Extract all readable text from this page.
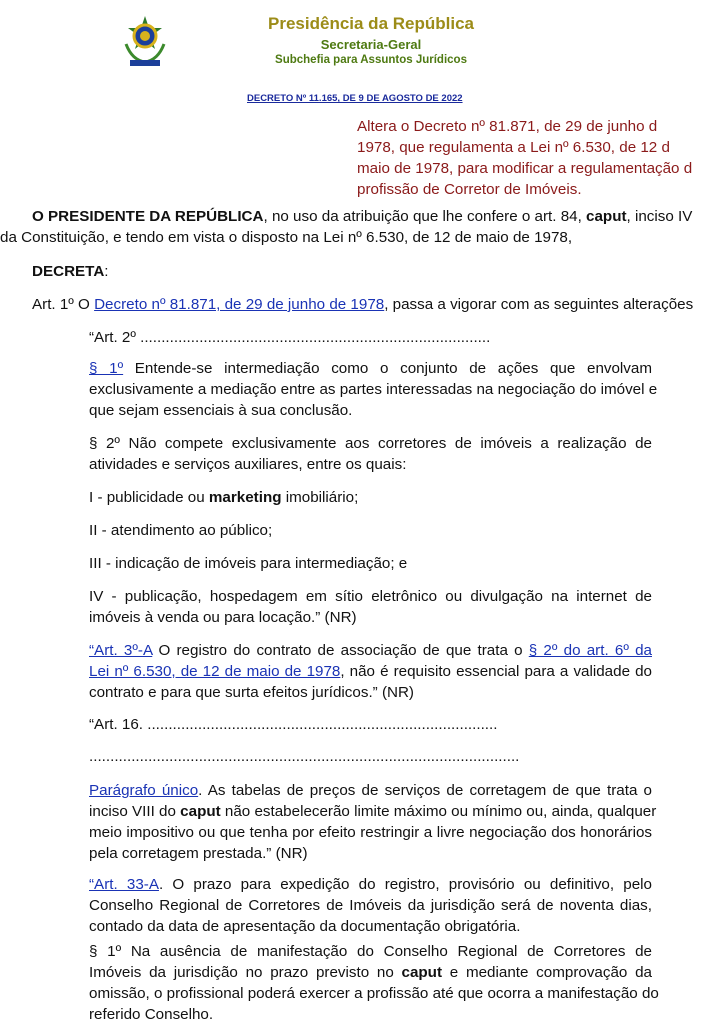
Presidência da República
Secretaria-Geral
Subchefia para Assuntos Jurídicos
DECRETO Nº 11.165, DE 9 DE AGOSTO DE 2022
Altera o Decreto nº 81.871, de 29 de junho d
1978, que regulamenta a Lei nº 6.530, de 12 d
maio de 1978, para modificar a regulamentação d
profissão de Corretor de Imóveis.
O PRESIDENTE DA REPÚBLICA, no uso da atribuição que lhe confere o art. 84, caput, inciso IV
da Constituição, e tendo em vista o disposto na Lei nº 6.530, de 12 de maio de 1978,
DECRETA:
Art. 1º O Decreto nº 81.871, de 29 de junho de 1978, passa a vigorar com as seguintes alterações
“Art. 2º ...................................................................................
§ 1º Entende-se intermediação como o conjunto de ações que envolvam
exclusivamente a mediação entre as partes interessadas na negociação do imóvel e
que sejam essenciais à sua conclusão.
§ 2º Não compete exclusivamente aos corretores de imóveis a realização de
atividades e serviços auxiliares, entre os quais:
I - publicidade ou marketing imobiliário;
II - atendimento ao público;
III - indicação de imóveis para intermediação; e
IV - publicação, hospedagem em sítio eletrônico ou divulgação na internet de
imóveis à venda ou para locação.” (NR)
“Art. 3º-A O registro do contrato de associação de que trata o § 2º do art. 6º da
Lei nº 6.530, de 12 de maio de 1978, não é requisito essencial para a validade do
contrato e para que surta efeitos jurídicos.” (NR)
“Art. 16. ...................................................................................
......................................................................................................
Parágrafo único. As tabelas de preços de serviços de corretagem de que trata o
inciso VIII do caput não estabelecerão limite máximo ou mínimo ou, ainda, qualquer
meio impositivo ou que tenha por efeito restringir a livre negociação dos honorários
pela corretagem prestada.” (NR)
“Art. 33-A. O prazo para expedição do registro, provisório ou definitivo, pelo
Conselho Regional de Corretores de Imóveis da jurisdição será de noventa dias,
contado da data de apresentação da documentação obrigatória.
§ 1º Na ausência de manifestação do Conselho Regional de Corretores de
Imóveis da jurisdição no prazo previsto no caput e mediante comprovação da
omissão, o profissional poderá exercer a profissão até que ocorra a manifestação do
referido Conselho.
